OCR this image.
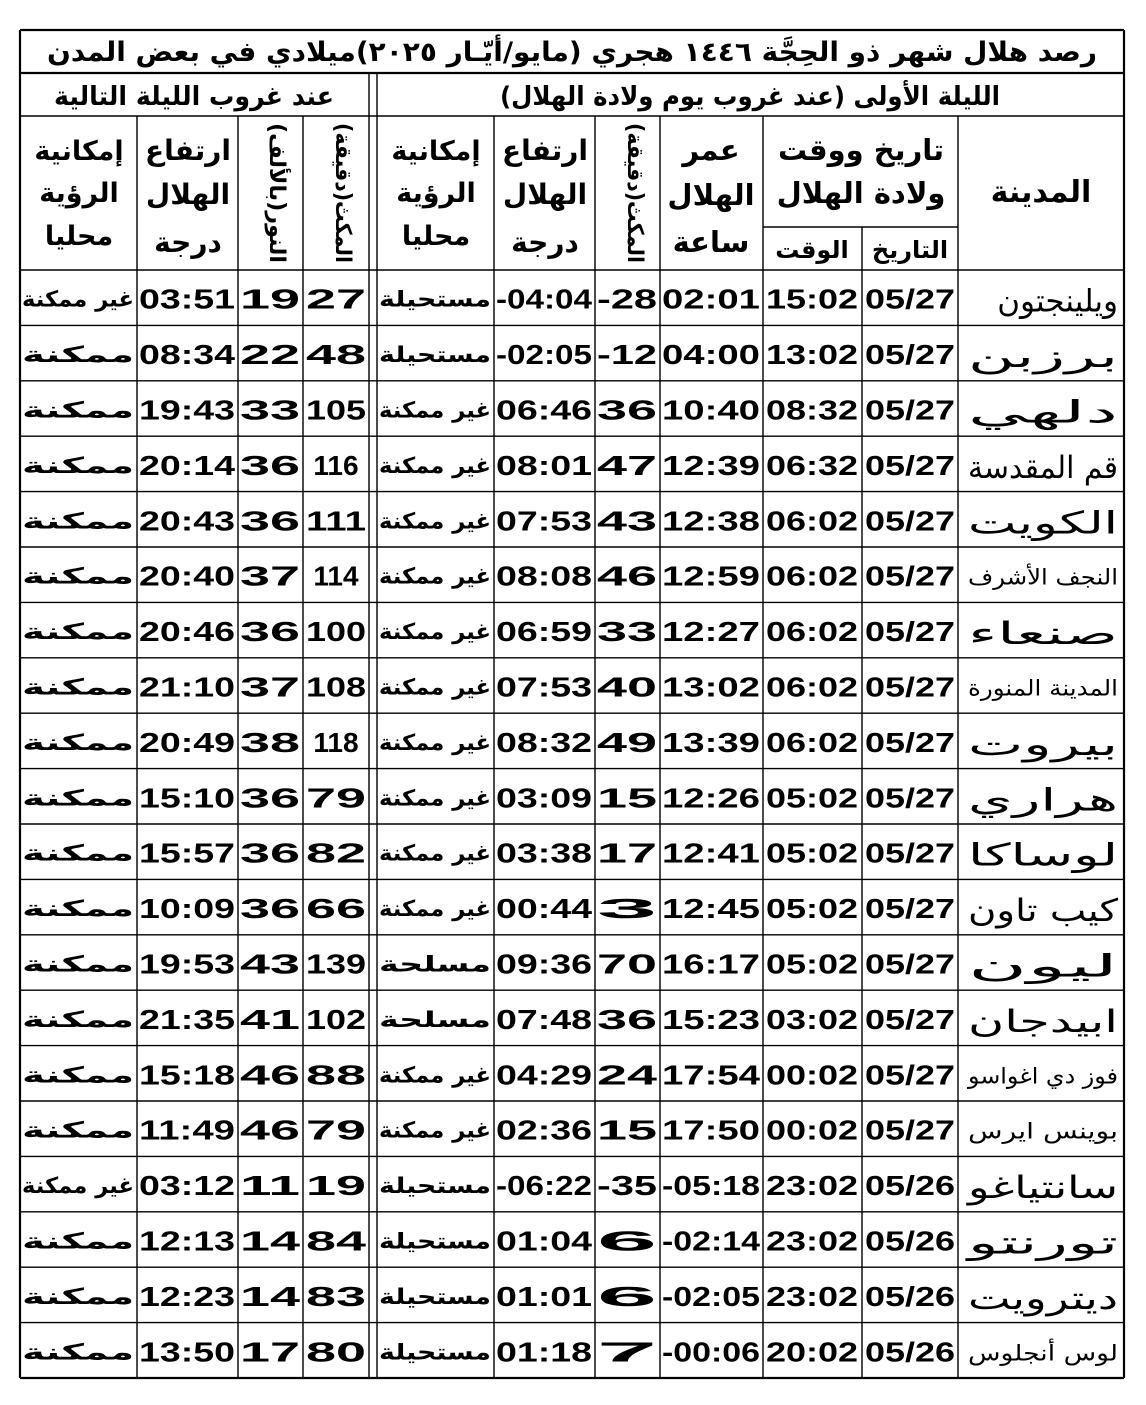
رصد هلال شهر ذو الحِجَّة ١٤٤٦ هجري (مايو/أيّـار ٢٠٢٥)ميلادي في بعض المدن
الليلة الأولى (عند غروب يوم ولادة الهلال)
عند غروب الليلة التالية
المدينة
تاريخ ووقت
ولادة الهلال
التاريخ
الوقت
عمر
الهلال
ساعة
المكث(دقيقة)
ارتفاع
الهلال
درجة
إمكانية
الرؤية
محليا
المكث(دقيقة)
النور(بالألف)
ارتفاع
الهلال
درجة
إمكانية
الرؤية
محليا
ويلينجتون
05/27
15:02
02:01
-28
-04:04
مستحيلة
27
19
03:51
غير ممكنة
برزبن
05/27
13:02
04:00
-12
-02:05
مستحيلة
48
22
08:34
ممكنة
دلهي
05/27
08:32
10:40
36
06:46
غير ممكنة
105
33
19:43
ممكنة
قم المقدسة
05/27
06:32
12:39
47
08:01
غير ممكنة
116
36
20:14
ممكنة
الكويت
05/27
06:02
12:38
43
07:53
غير ممكنة
111
36
20:43
ممكنة
النجف الأشرف
05/27
06:02
12:59
46
08:08
غير ممكنة
114
37
20:40
ممكنة
صنعاء
05/27
06:02
12:27
33
06:59
غير ممكنة
100
36
20:46
ممكنة
المدينة المنورة
05/27
06:02
13:02
40
07:53
غير ممكنة
108
37
21:10
ممكنة
بيروت
05/27
06:02
13:39
49
08:32
غير ممكنة
118
38
20:49
ممكنة
هراري
05/27
05:02
12:26
15
03:09
غير ممكنة
79
36
15:10
ممكنة
لوساكا
05/27
05:02
12:41
17
03:38
غير ممكنة
82
36
15:57
ممكنة
كيب تاون
05/27
05:02
12:45
3
00:44
غير ممكنة
66
36
10:09
ممكنة
ليون
05/27
05:02
16:17
70
09:36
مسلحة
139
43
19:53
ممكنة
ابيدجان
05/27
03:02
15:23
36
07:48
مسلحة
102
41
21:35
ممكنة
فوز دي اغواسو
05/27
00:02
17:54
24
04:29
غير ممكنة
88
46
15:18
ممكنة
بوينس ايرس
05/27
00:02
17:50
15
02:36
غير ممكنة
79
46
11:49
ممكنة
سانتياغو
05/26
23:02
-05:18
-35
-06:22
مستحيلة
19
11
03:12
غير ممكنة
تورنتو
05/26
23:02
-02:14
6
01:04
مستحيلة
84
14
12:13
ممكنة
ديترويت
05/26
23:02
-02:05
6
01:01
مستحيلة
83
14
12:23
ممكنة
لوس أنجلوس
05/26
20:02
-00:06
7
01:18
مستحيلة
80
17
13:50
ممكنة
